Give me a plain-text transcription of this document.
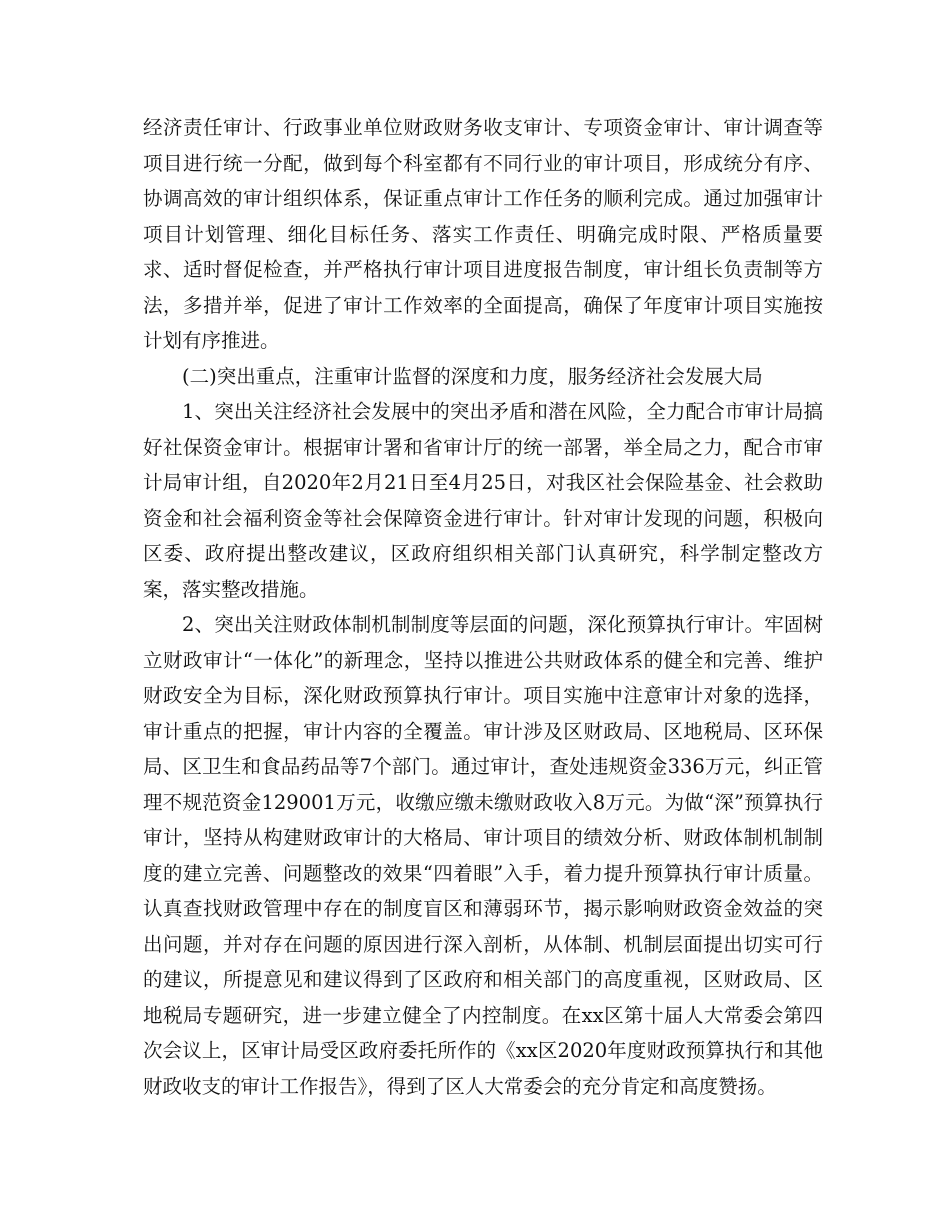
经济责任审计、行政事业单位财政财务收支审计、专项资金审计、审计调查等项目进行统一分配，做到每个科室都有不同行业的审计项目，形成统分有序、协调高效的审计组织体系，保证重点审计工作任务的顺利完成。通过加强审计项目计划管理、细化目标任务、落实工作责任、明确完成时限、严格质量要求、适时督促检查，并严格执行审计项目进度报告制度，审计组长负责制等方法，多措并举，促进了审计工作效率的全面提高，确保了年度审计项目实施按计划有序推进。

(二)突出重点，注重审计监督的深度和力度，服务经济社会发展大局

1、突出关注经济社会发展中的突出矛盾和潜在风险，全力配合市审计局搞好社保资金审计。根据审计署和省审计厅的统一部署，举全局之力，配合市审计局审计组，自2020年2月21日至4月25日，对我区社会保险基金、社会救助资金和社会福利资金等社会保障资金进行审计。针对审计发现的问题，积极向区委、政府提出整改建议，区政府组织相关部门认真研究，科学制定整改方案，落实整改措施。

2、突出关注财政体制机制制度等层面的问题，深化预算执行审计。牢固树立财政审计“一体化”的新理念，坚持以推进公共财政体系的健全和完善、维护财政安全为目标，深化财政预算执行审计。项目实施中注意审计对象的选择，审计重点的把握，审计内容的全覆盖。审计涉及区财政局、区地税局、区环保局、区卫生和食品药品等7个部门。通过审计，查处违规资金336万元，纠正管理不规范资金129001万元，收缴应缴未缴财政收入8万元。为做“深”预算执行审计，坚持从构建财政审计的大格局、审计项目的绩效分析、财政体制机制制度的建立完善、问题整改的效果“四着眼”入手，着力提升预算执行审计质量。认真查找财政管理中存在的制度盲区和薄弱环节，揭示影响财政资金效益的突出问题，并对存在问题的原因进行深入剖析，从体制、机制层面提出切实可行的建议，所提意见和建议得到了区政府和相关部门的高度重视，区财政局、区地税局专题研究，进一步建立健全了内控制度。在xx区第十届人大常委会第四次会议上，区审计局受区政府委托所作的《xx区2020年度财政预算执行和其他财政收支的审计工作报告》，得到了区人大常委会的充分肯定和高度赞扬。
